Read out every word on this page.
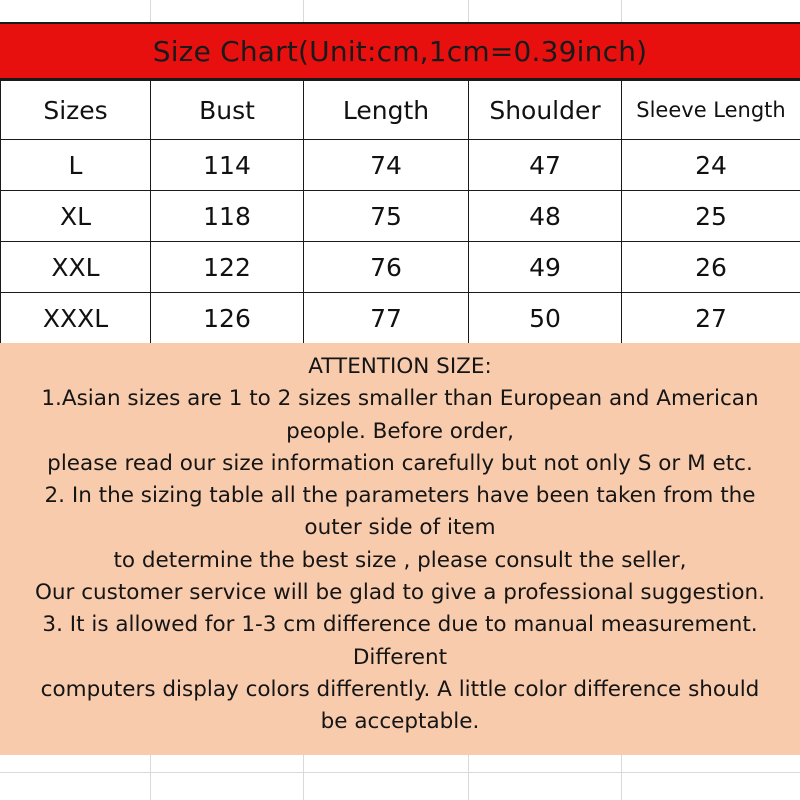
Size Chart(Unit:cm,1cm=0.39inch)
Sizes	Bust	Length	Shoulder	Sleeve Length
L	114	74	47	24
XL	118	75	48	25
XXL	122	76	49	26
XXXL	126	77	50	27
ATTENTION SIZE:
1.Asian sizes are 1 to 2 sizes smaller than European and American
people. Before order,
please read our size information carefully but not only S or M etc.
2. In the sizing table all the parameters have been taken from the
outer side of item
to determine the best size , please consult the seller,
Our customer service will be glad to give a professional suggestion.
3. It is allowed for 1-3 cm difference due to manual measurement.
Different
computers display colors differently. A little color difference should
be acceptable.
